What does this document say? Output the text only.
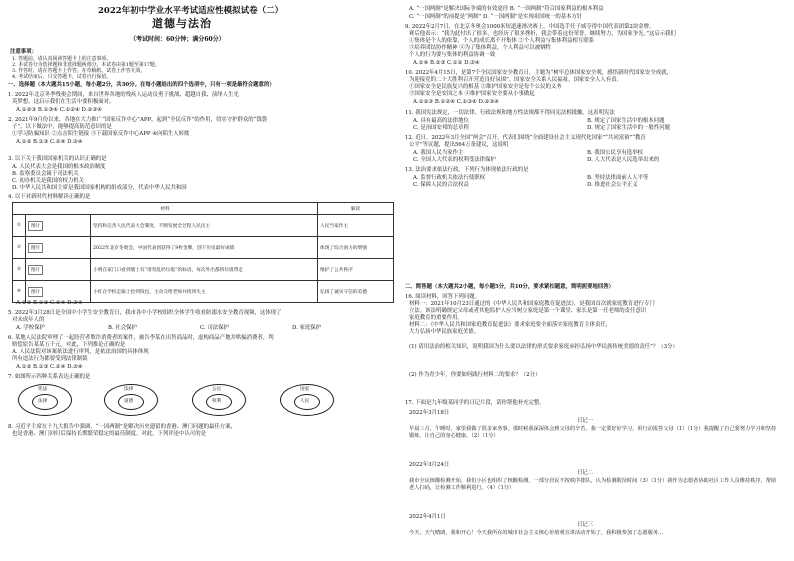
2022年初中学业水平考试适应性模拟试卷（二）
道德与法治
（考试时间：60分钟；满分60分）
注意事项：
1. 答题前，请认真阅读答题卡上的注意事项。
2. 本试卷分为选择题和非选择题两部分，本试卷由第1题至第17题。
3. 作答时，请在答题卡上作答。在草稿纸、试卷上作答无效。
4. 考试结束后，只交答题卡，试卷自行保留。
一、选择题（本大题共15小题，每小题2分，共30分。在每小题给出的四个选项中，只有一项是最符合题意的）
1. 2022年北京冬季残奥会期间，来自世界各地的残疾人运动员勇于挑战、超越自我、演绎人生光
英梦想。这启示我们在生活中要积极面对。
A.①②③ B.①③④ C.①②④ D.②③④
2. 2021年9月份以来，各地在大力推广“国家反诈中心”APP，起到“全民反诈”的作用，切实守护群众的“钱袋
子”。以下做法中，能够提高防范意识的是
①学习防骗知识 ②点击陌生链接 ③下载国家反诈中心APP ④向陌生人转账
A.①② B.①③ C.②④ D.③④
3. 以下关于我国国家机关的认识正确的是
A. 人民代表大会是我国的根本政治制度
B. 监察委员会属于司法机关
C. 初办机关是我国的权力机关
D. 中华人民共和国主席是我国国家机构的组成部分，代表中华人民共和国
4. 以下对新时代材料解读正确的是
材料			解读
①	图片	坚持和完善人民代表大会制度，不断发展全过程人民民主	人民当家作主
②	图片	2022年北京冬奥会，中国代表团获得了9枚金牌，创下历史最好成绩	体现了综合国力的增强
③	图片	小明在家门口看到墙上有“请勿乱扔垃圾”的标语，每次外出都将垃圾带走	维护了公共秩序
④	图片	小红在学校走廊上捡到钱包，主动交给老师并找到失主	弘扬了诚实守信的美德
A.①② B.①③ C.②④ D.③④
5. 2022年3月28日是全国中小学生安全教育日，我市各中小学校组织全体学生收看防溺水安全教育视频，这体现了
对未成年人的
A. 学校保护	B. 社会保护	C. 司法保护	D. 家庭保护
6. 某地人民法院审理了一起经营者欺诈消费者的案件，被告李某在出售商品时，虚构商品产地并哄骗消费者，判
赔偿原告某某五千元。对此，下列推论正确的是
A. 人民法院对该案依法进行审判，是依法治国的具体体现
所有违法行为都要受到法律制裁
A.①② B.①③ C.②④ D.③④
7. 如图所示四种关系表达正确的是
宪法
法律
法律
道德
公民
权利
国家
人民
8. 习近平主席在十九大报告中强调，“一国两制”是解决历史遗留的香港、澳门问题的最佳方案，
也是香港、澳门回归后保持长期繁荣稳定的最佳制度。对此，下列评论中认可的是
A. “一国两制”是解决国际争端的有效途径 B. “一国两制”符合国家利益的根本利益
C. “一国两制”的前提是“两制” D. “一国两制”是实现祖国统一的基本方针
9. 2022年2月7日，在北京冬奥会1000米短道速滑决赛上，中国选手任子威夺得中国代表团第2块金牌。
赛后他表示：“我为此付出了很多，也经历了很多挫折，我会带着这份荣誉，继续努力，为国家争光。”这启示我们
①集体是个人的依靠，个人的成长离不开集体 ②个人利益与集体利益相互联系
③培养团结协作精神 ④为了集体利益，个人利益可以被牺牲
个人的行为要与集体的利益协调一致
A.①④ B.②③ C.①② D.③④
10. 2022年4月15日，是第7个全民国家安全教育日，主题为“树牢总体国家安全观，感悟新时代国家安全成就，
为迎接党的二十大胜利召开营造良好氛围”。国家安全关系人民福祉，国家安全人人有责。
①国家安全是民族复兴的根基 ②维护国家安全是每个公民的义务
③国家安全是安国之本 ④维护国家安全要从小事做起
A.①②③ B.①②④ C.①③④ D.②③④
11. 我国宪法规定，一切法律、行政法规和地方性法规都不得同宪法相抵触。这表明宪法
A. 具有最高的法律地位	B. 规定了国家生活中的根本问题
C. 是治国安邦的总章程	D. 规定了国家生活中的一般性问题
12. 近日，2022年3月全国“两会”召开，代表们围绕“全面建设社会主义现代化国家”“共同富裕”“教育
公平”等议题，提出564万条建议，这说明
A. 我国人民当家作主	B. 我国公民享有选举权
C. 全国人大代表的权利受法律保护	D. 人大代表是人民选举出来的
13. 法治要求依法行政。下列行为体现依法行政的是
A. 监督行政机关依法行使职权	B. 坚持法律面前人人平等
C. 保障人民的合法权益	D. 推进社会公平正义
二、简答题（本大题共2小题，每小题5分，共10分，要求紧扣题意，简明扼要地回答）
16. 阅读材料，回答下列问题。
材料一：2021年10月23日通过的《中华人民共和国家庭教育促进法》，是我国首次就家庭教育进行专门
立法。该法明确规定父母或者其他监护人应当树立家庭是第一个课堂、家长是第一任老师的责任意识
家庭教育的重要作用。
材料二：《中华人民共和国家庭教育促进法》要求家庭要全面落实家庭教育主体责任，
大力弘扬中华民族家庭美德。
(1) 请用法治的相关知识，说明我国为什么要以法律的形式要求家庭承担弘扬中华民族传统美德的责任”？（3分）
(2) 作为青少年，你要如何践行材料二的要求？（2分）
17. 下面是九年级某同学的日记片段，请你帮他补充完整。
2022年3月18日
日记一
早晨三月，午睡时，家里我做了很多家务事。那时候我深深体会到父母的辛苦，我一定要好好学习，用行动报答父母（1）（1分）我提醒了自己要努力学习和坚持锻炼，让自己的身心健康。（2）（1分）
2022年3月24日
日记二
我市全民核酸检测开始，我们小区也组织了核酸检测，一部分居民不按秩序排队，认为检测耽误时间（3）（1分）我作为志愿者协助社区工作人员维持秩序，帮助老人扫码，让检测工作顺利进行。（4）（1分）
2022年4月1日
日记三
今天，天气晴朗，我和开心！今天我所在的城市社会主义核心价值观宣讲活动开始了，我积极参加了志愿服务…
